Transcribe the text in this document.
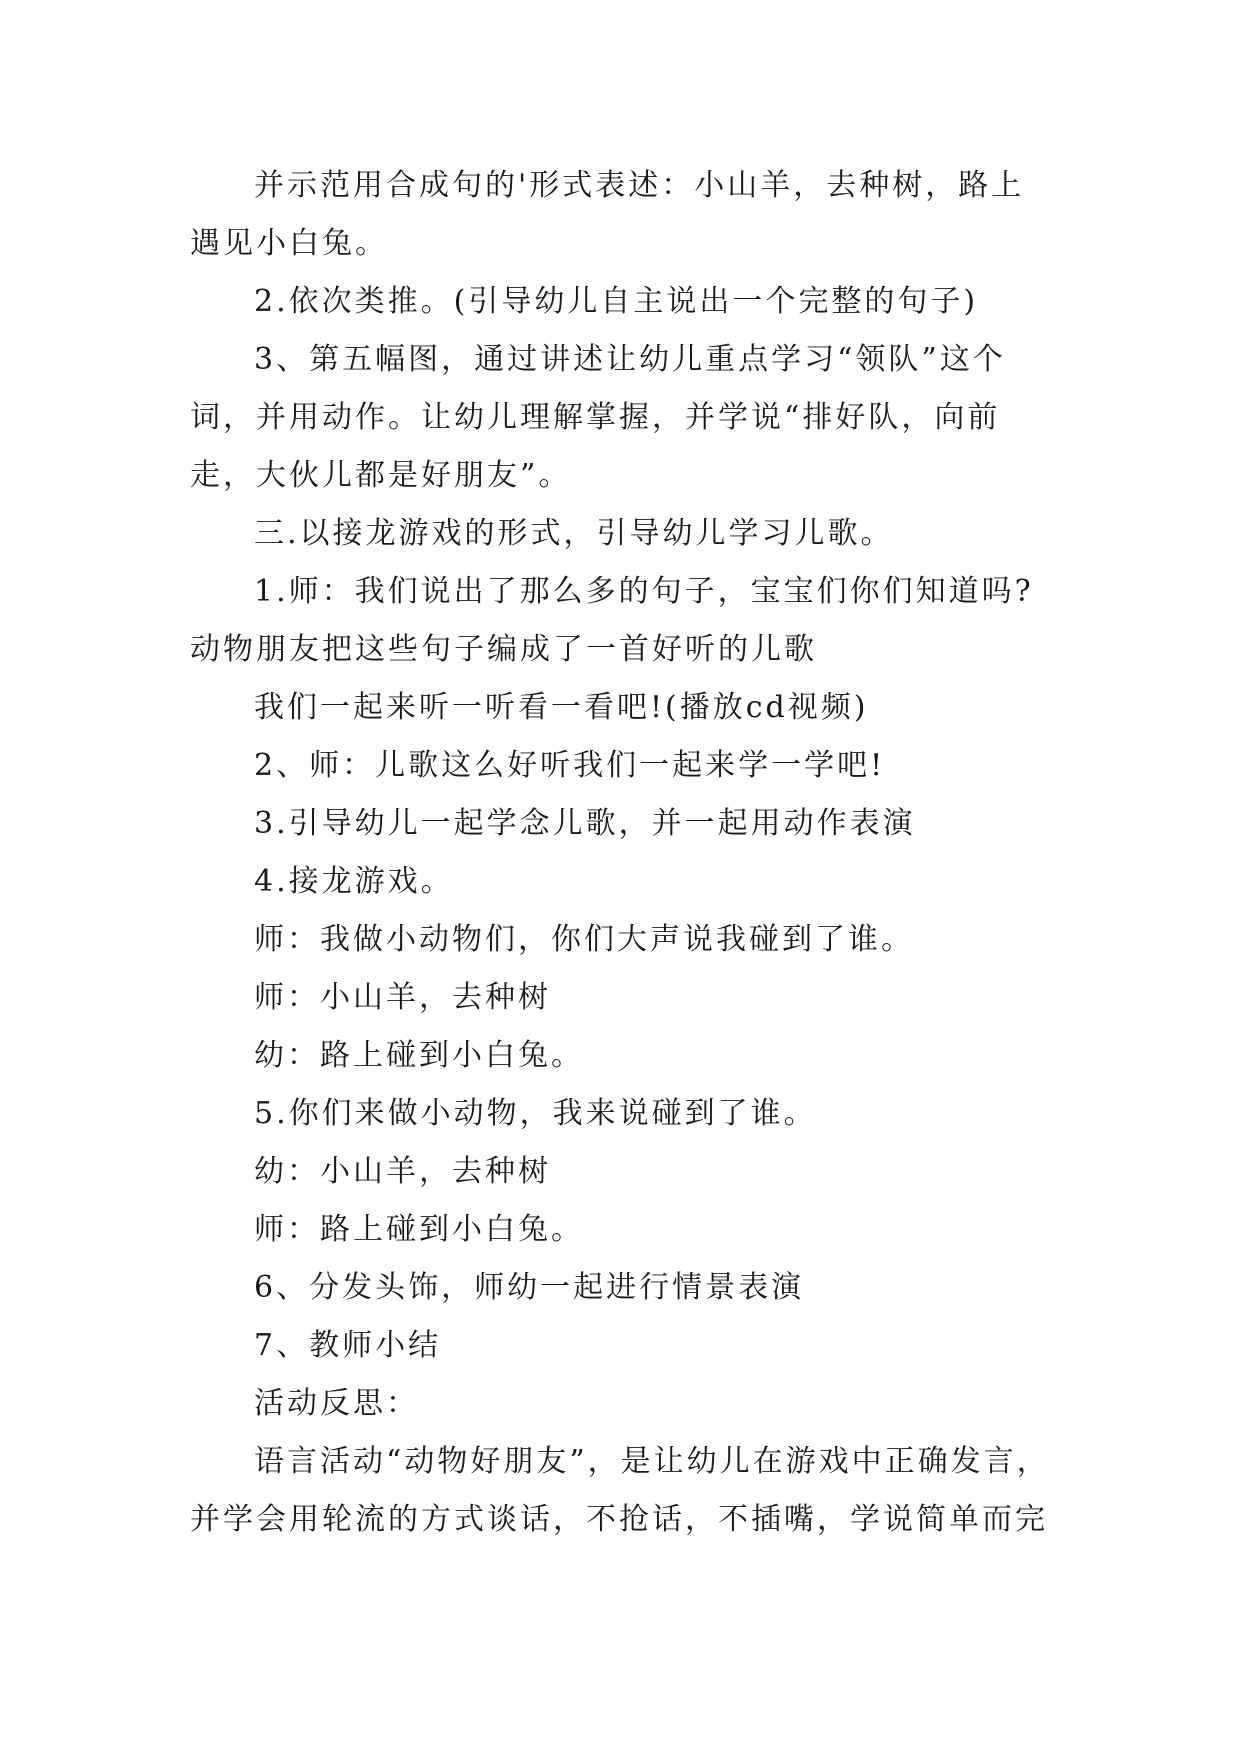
并示范用合成句的'形式表述：小山羊，去种树，路上遇见小白兔。

2.依次类推。(引导幼儿自主说出一个完整的句子)

3、第五幅图，通过讲述让幼儿重点学习“领队”这个词，并用动作。让幼儿理解掌握，并学说“排好队，向前走，大伙儿都是好朋友”。

三.以接龙游戏的形式，引导幼儿学习儿歌。

1.师：我们说出了那么多的句子，宝宝们你们知道吗?动物朋友把这些句子编成了一首好听的儿歌

我们一起来听一听看一看吧!(播放cd视频)

2、师：儿歌这么好听我们一起来学一学吧!

3.引导幼儿一起学念儿歌，并一起用动作表演

4.接龙游戏。

师：我做小动物们，你们大声说我碰到了谁。

师：小山羊，去种树

幼：路上碰到小白兔。

5.你们来做小动物，我来说碰到了谁。

幼：小山羊，去种树

师：路上碰到小白兔。

6、分发头饰，师幼一起进行情景表演

7、教师小结

活动反思：

语言活动“动物好朋友”，是让幼儿在游戏中正确发言，并学会用轮流的方式谈话，不抢话，不插嘴，学说简单而完
